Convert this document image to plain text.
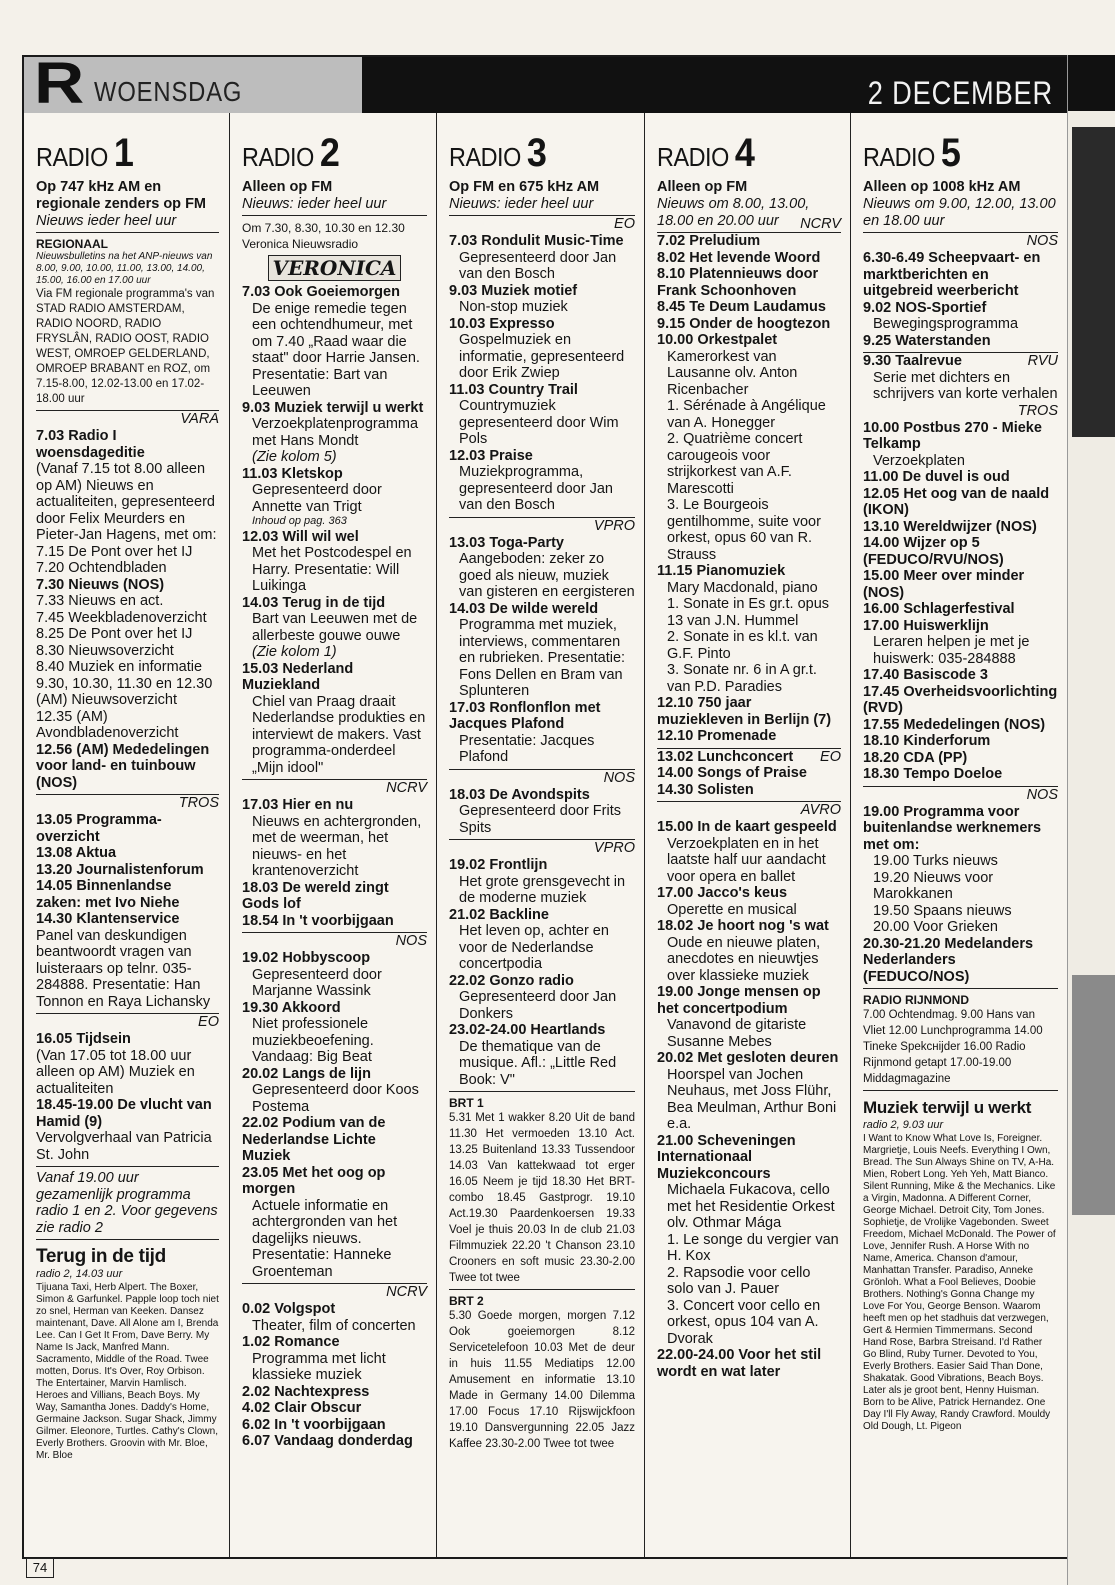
R WOENSDAG	2 DECEMBER
RADIO 1
Op 747 kHz AM en regionale zenders op FM
Nieuws ieder heel uur
REGIONAAL
Nieuwsbulletins na het ANP-nieuws van 8.00, 9.00, 10.00, 11.00, 13.00, 14.00, 15.00, 16.00 en 17.00 uur
Via FM regionale programma's van STAD RADIO AMSTERDAM, RADIO NOORD, RADIO FRYSLÂN, RADIO OOST, RADIO WEST, OMROEP GELDERLAND, OMROEP BRABANT en ROZ, om 7.15-8.00, 12.02-13.00 en 17.02-18.00 uur
VARA
7.03 Radio I woensdageditie
(Vanaf 7.15 tot 8.00 alleen op AM) Nieuws en actualiteiten, gepresenteerd door Felix Meurders en Pieter-Jan Hagens, met om:
7.15 De Pont over het IJ
7.20 Ochtendbladen
7.30 Nieuws (NOS)
7.33 Nieuws en act.
7.45 Weekbladenoverzicht
8.25 De Pont over het IJ
8.30 Nieuwsoverzicht
8.40 Muziek en informatie
9.30, 10.30, 11.30 en 12.30 (AM) Nieuwsoverzicht
12.35 (AM) Avondbladenoverzicht
12.56 (AM) Mededelingen voor land- en tuinbouw (NOS)
TROS
13.05 Programma-overzicht
13.08 Aktua
13.20 Journalistenforum
14.05 Binnenlandse zaken: met Ivo Niehe
14.30 Klantenservice
Panel van deskundigen beantwoordt vragen van luisteraars op telnr. 035-284888. Presentatie: Han Tonnon en Raya Lichansky
EO
16.05 Tijdsein
(Van 17.05 tot 18.00 uur alleen op AM) Muziek en actualiteiten
18.45-19.00 De vlucht van Hamid (9)
Vervolgverhaal van Patricia St. John
Vanaf 19.00 uur gezamenlijk programma radio 1 en 2. Voor gegevens zie radio 2
Terug in de tijd
radio 2, 14.03 uur
Tijuana Taxi, Herb Alpert. The Boxer, Simon & Garfunkel. Papple loop toch niet zo snel, Herman van Keeken. Dansez maintenant, Dave. All Alone am I, Brenda Lee. Can I Get It From, Dave Berry. My Name Is Jack, Manfred Mann. Sacramento, Middle of the Road. Twee motten, Dorus. It's Over, Roy Orbison. The Entertainer, Marvin Hamlisch. Heroes and Villians, Beach Boys. My Way, Samantha Jones. Daddy's Home, Germaine Jackson. Sugar Shack, Jimmy Gilmer. Eleonore, Turtles. Cathy's Clown, Everly Brothers. Groovin with Mr. Bloe, Mr. Bloe
RADIO 2
Alleen op FM
Nieuws: ieder heel uur
Om 7.30, 8.30, 10.30 en 12.30 Veronica Nieuwsradio
VERONICA
7.03 Ook Goeiemorgen
De enige remedie tegen een ochtendhumeur, met om 7.40 „Raad waar die staat" door Harrie Jansen. Presentatie: Bart van Leeuwen
9.03 Muziek terwijl u werkt
Verzoekplatenprogramma met Hans Mondt
(Zie kolom 5)
11.03 Kletskop
Gepresenteerd door Annette van Trigt
Inhoud op pag. 363
12.03 Will wil wel
Met het Postcodespel en Harry. Presentatie: Will Luikinga
14.03 Terug in de tijd
Bart van Leeuwen met de allerbeste gouwe ouwe
(Zie kolom 1)
15.03 Nederland Muziekland
Chiel van Praag draait Nederlandse produkties en interviewt de makers. Vast programma-onderdeel „Mijn idool"
NCRV
17.03 Hier en nu
Nieuws en achtergronden, met de weerman, het nieuws- en het krantenoverzicht
18.03 De wereld zingt Gods lof
18.54 In 't voorbijgaan
NOS
19.02 Hobbyscoop
Gepresenteerd door Marjanne Wassink
19.30 Akkoord
Niet professionele muziekbeoefening. Vandaag: Big Beat
20.02 Langs de lijn
Gepresenteerd door Koos Postema
22.02 Podium van de Nederlandse Lichte Muziek
23.05 Met het oog op morgen
Actuele informatie en achtergronden van het dagelijks nieuws. Presentatie: Hanneke Groenteman
NCRV
0.02 Volgspot
Theater, film of concerten
1.02 Romance
Programma met licht klassieke muziek
2.02 Nachtexpress
4.02 Clair Obscur
6.02 In 't voorbijgaan
6.07 Vandaag donderdag
RADIO 3
Op FM en 675 kHz AM
Nieuws: ieder heel uur
EO
7.03 Rondulit Music-Time
Gepresenteerd door Jan van den Bosch
9.03 Muziek motief
Non-stop muziek
10.03 Expresso
Gospelmuziek en informatie, gepresenteerd door Erik Zwiep
11.03 Country Trail
Countrymuziek gepresenteerd door Wim Pols
12.03 Praise
Muziekprogramma, gepresenteerd door Jan van den Bosch
VPRO
13.03 Toga-Party
Aangeboden: zeker zo goed als nieuw, muziek van gisteren en eergisteren
14.03 De wilde wereld
Programma met muziek, interviews, commentaren en rubrieken. Presentatie: Fons Dellen en Bram van Splunteren
17.03 Ronflonflon met Jacques Plafond
Presentatie: Jacques Plafond
NOS
18.03 De Avondspits
Gepresenteerd door Frits Spits
VPRO
19.02 Frontlijn
Het grote grensgevecht in de moderne muziek
21.02 Backline
Het leven op, achter en voor de Nederlandse concertpodia
22.02 Gonzo radio
Gepresenteerd door Jan Donkers
23.02-24.00 Heartlands
De thematique van de musique. Afl.: „Little Red Book: V"
BRT 1
5.31 Met 1 wakker 8.20 Uit de band 11.30 Het vermoeden 13.10 Act. 13.25 Buitenland 13.33 Tussendoor 14.03 Van kattekwaad tot erger 16.05 Neem je tijd 18.30 Het BRT-combo 18.45 Gastprogr. 19.10 Act.19.30 Paardenkoersen 19.33 Voel je thuis 20.03 In de club 21.03 Filmmuziek 22.20 't Chanson 23.10 Crooners en soft music 23.30-2.00 Twee tot twee
BRT 2
5.30 Goede morgen, morgen 7.12 Ook goeiemorgen 8.12 Servicetelefoon 10.03 Met de deur in huis 11.55 Mediatips 12.00 Amusement en informatie 13.10 Made in Germany 14.00 Dilemma 17.00 Focus 17.10 Rijswijckfoon 19.10 Dansvergunning 22.05 Jazz Kaffee 23.30-2.00 Twee tot twee
RADIO 4
Alleen op FM
Nieuws om 8.00, 13.00, 18.00 en 20.00 uur	NCRV
7.02 Preludium
8.02 Het levende Woord
8.10 Platennieuws door Frank Schoonhoven
8.45 Te Deum Laudamus
9.15 Onder de hoogtezon
10.00 Orkestpalet
Kamerorkest van Lausanne olv. Anton Ricenbacher
1. Sérénade à Angélique van A. Honegger
2. Quatrième concert carougeois voor strijkorkest van A.F. Marescotti
3. Le Bourgeois gentilhomme, suite voor orkest, opus 60 van R. Strauss
11.15 Pianomuziek
Mary Macdonald, piano
1. Sonate in Es gr.t. opus 13 van J.N. Hummel
2. Sonate in es kl.t. van G.F. Pinto
3. Sonate nr. 6 in A gr.t. van P.D. Paradies
12.10 750 jaar muziekleven in Berlijn (7)
12.10 Promenade
EO
13.02 Lunchconcert
14.00 Songs of Praise
14.30 Solisten
AVRO
15.00 In de kaart gespeeld
Verzoekplaten en in het laatste half uur aandacht voor opera en ballet
17.00 Jacco's keus
Operette en musical
18.02 Je hoort nog 's wat
Oude en nieuwe platen, anecdotes en nieuwtjes over klassieke muziek
19.00 Jonge mensen op het concertpodium
Vanavond de gitariste Susanne Mebes
20.02 Met gesloten deuren
Hoorspel van Jochen Neuhaus, met Joss Flühr, Bea Meulman, Arthur Boni e.a.
21.00 Scheveningen Internationaal Muziekconcours
Michaela Fukacova, cello met het Residentie Orkest olv. Othmar Mága
1. Le songe du vergier van H. Kox
2. Rapsodie voor cello solo van J. Pauer
3. Concert voor cello en orkest, opus 104 van A. Dvorak
22.00-24.00 Voor het stil wordt en wat later
RADIO 5
Alleen op 1008 kHz AM
Nieuws om 9.00, 12.00, 13.00 en 18.00 uur
NOS
6.30-6.49 Scheepvaart- en marktberichten en uitgebreid weerbericht
9.02 NOS-Sportief
Bewegingsprogramma
9.25 Waterstanden
RVU
9.30 Taalrevue
Serie met dichters en schrijvers van korte verhalen
TROS
10.00 Postbus 270 - Mieke Telkamp
Verzoekplaten
11.00 De duvel is oud
12.05 Het oog van de naald (IKON)
13.10 Wereldwijzer (NOS)
14.00 Wijzer op 5 (FEDUCO/RVU/NOS)
15.00 Meer over minder (NOS)
16.00 Schlagerfestival
17.00 Huiswerklijn
Leraren helpen je met je huiswerk: 035-284888
17.40 Basiscode 3
17.45 Overheidsvoorlichting (RVD)
17.55 Mededelingen (NOS)
18.10 Kinderforum
18.20 CDA (PP)
18.30 Tempo Doeloe
NOS
19.00 Programma voor buitenlandse werknemers met om:
19.00 Turks nieuws
19.20 Nieuws voor Marokkanen
19.50 Spaans nieuws
20.00 Voor Grieken
20.30-21.20 Medelanders Nederlanders (FEDUCO/NOS)
RADIO RIJNMOND
7.00 Ochtendmag. 9.00 Hans van Vliet 12.00 Lunchprogramma 14.00 Tineke Spekснijder 16.00 Radio Rijnmond getapt 17.00-19.00 Middagmagazine
Muziek terwijl u werkt
radio 2, 9.03 uur
I Want to Know What Love Is, Foreigner. Margrietje, Louis Neefs. Everything I Own, Bread. The Sun Always Shine on TV, A-Ha. Mien, Robert Long. Yeh Yeh, Matt Bianco. Silent Running, Mike & the Mechanics. Like a Virgin, Madonna. A Different Corner, George Michael. Detroit City, Tom Jones. Sophietje, de Vrolijke Vagebonden. Sweet Freedom, Michael McDonald. The Power of Love, Jennifer Rush. A Horse With no Name, America. Chanson d'amour, Manhattan Transfer. Paradiso, Anneke Grönloh. What a Fool Believes, Doobie Brothers. Nothing's Gonna Change my Love For You, George Benson. Waarom heeft men op het stadhuis dat verzwegen, Gert & Hermien Timmermans. Second Hand Rose, Barbra Streisand. I'd Rather Go Blind, Ruby Turner. Devoted to You, Everly Brothers. Easier Said Than Done, Shakatak. Good Vibrations, Beach Boys. Later als je groot bent, Henny Huisman. Born to be Alive, Patrick Hernandez. One Day I'll Fly Away, Randy Crawford. Mouldy Old Dough, Lt. Pigeon
74
